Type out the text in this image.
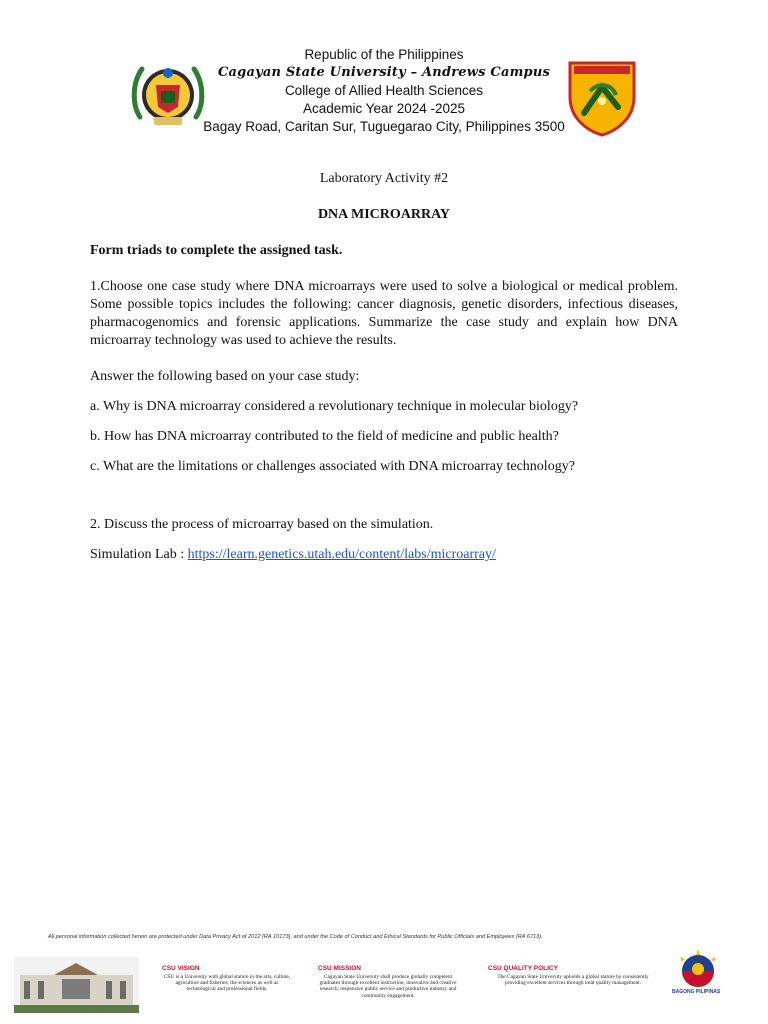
Republic of the Philippines
Cagayan State University – Andrews Campus
College of Allied Health Sciences
Academic Year 2024 -2025
Bagay Road, Caritan Sur, Tuguegarao City, Philippines 3500

Laboratory Activity #2

DNA MICROARRAY

Form triads to complete the assigned task.

1.Choose one case study where DNA microarrays were used to solve a biological or medical problem. Some possible topics includes the following: cancer diagnosis, genetic disorders, infectious diseases, pharmacogenomics and forensic applications. Summarize the case study and explain how DNA microarray technology was used to achieve the results.

Answer the following based on your case study:

a. Why is DNA microarray considered a revolutionary technique in molecular biology?

b. How has DNA microarray contributed to the field of medicine and public health?

c. What are the limitations or challenges associated with DNA microarray technology?

2. Discuss the process of microarray based on the simulation.

Simulation Lab : https://learn.genetics.utah.edu/content/labs/microarray/

All personal information collected herein are protected under Data Privacy Act of 2012 (RA 10173), and under the Code of Conduct and Ethical Standards for Public Officials and Employees (RA 6713).
CSU VISION
CSU is a University with global stature in the arts, culture, agriculture and fisheries, the sciences as well as technological and professional fields.
CSU MISSION
Cagayan State University shall produce globally competent graduates through excellent instruction, innovative and creative research, responsive public service and productive industry and community engagement.
CSU QUALITY POLICY
The Cagayan State University upholds a global stature by consistently providing excellent services through total quality management.
BAGONG PILIPINAS
